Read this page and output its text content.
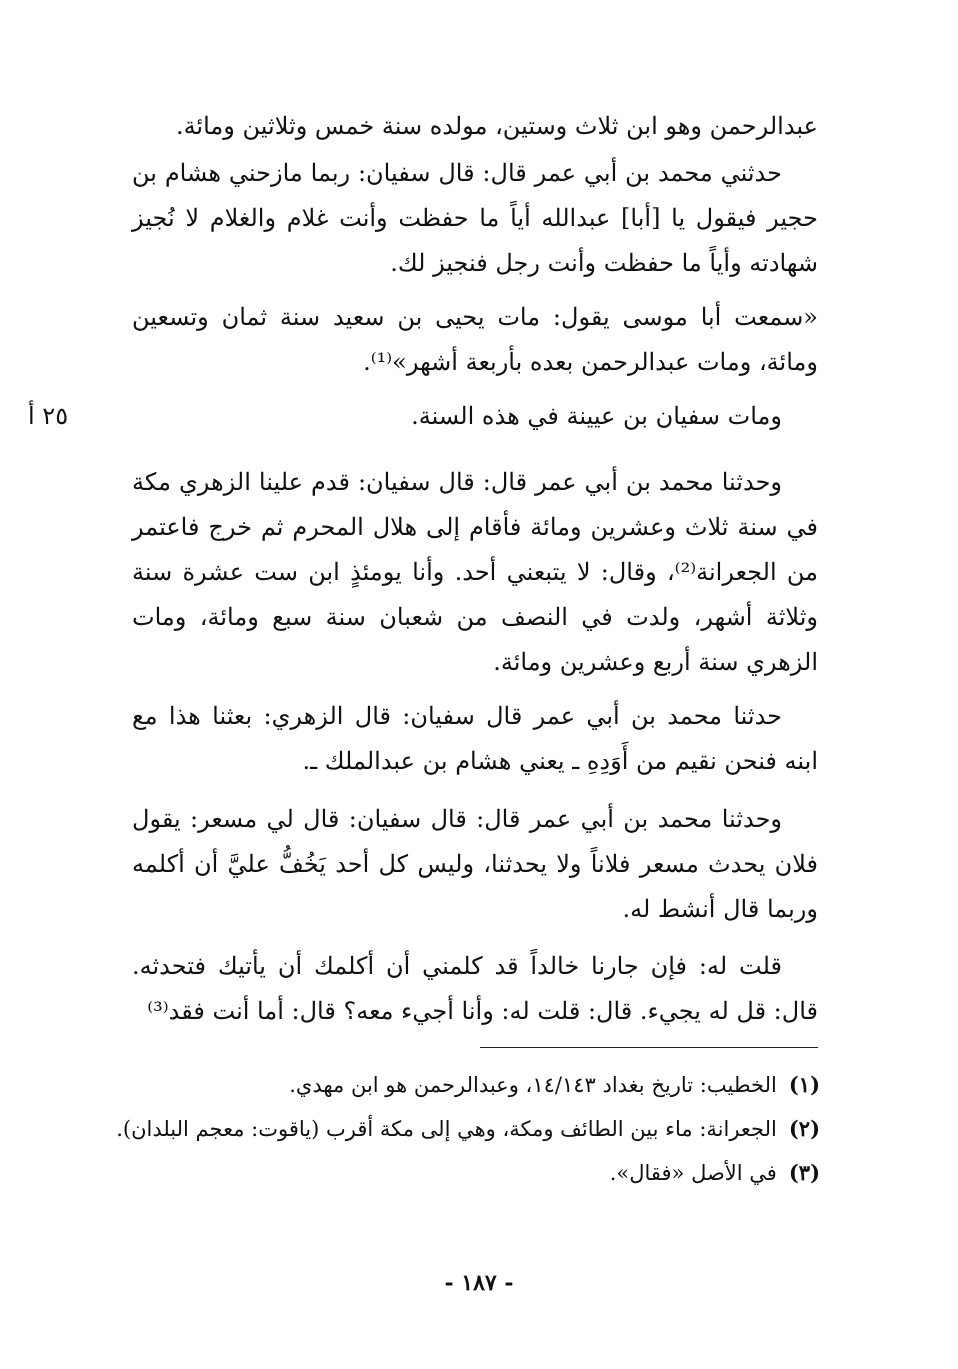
٢٥ أ

عبدالرحمن وهو ابن ثلاث وستين، مولده سنة خمس وثلاثين ومائة.

حدثني محمد بن أبي عمر قال: قال سفيان: ربما مازحني هشام بن حجير فيقول يا [أبا] عبدالله أياً ما حفظت وأنت غلام والغلام لا نُجيز شهادته وأياً ما حفظت وأنت رجل فنجيز لك.

«سمعت أبا موسى يقول: مات يحيى بن سعيد سنة ثمان وتسعين ومائة، ومات عبدالرحمن بعده بأربعة أشهر»⁽¹⁾.

ومات سفيان بن عيينة في هذه السنة.

وحدثنا محمد بن أبي عمر قال: قال سفيان: قدم علينا الزهري مكة في سنة ثلاث وعشرين ومائة فأقام إلى هلال المحرم ثم خرج فاعتمر من الجعرانة⁽²⁾، وقال: لا يتبعني أحد. وأنا يومئذٍ ابن ست عشرة سنة وثلاثة أشهر، ولدت في النصف من شعبان سنة سبع ومائة، ومات الزهري سنة أربع وعشرين ومائة.

حدثنا محمد بن أبي عمر قال سفيان: قال الزهري: بعثنا هذا مع ابنه فنحن نقيم من أَوَدِهِ ـ يعني هشام بن عبدالملك ـ.

وحدثنا محمد بن أبي عمر قال: قال سفيان: قال لي مسعر: يقول فلان يحدث مسعر فلاناً ولا يحدثنا، وليس كل أحد يَخُفُّ عليَّ أن أكلمه وربما قال أنشط له.

قلت له: فإن جارنا خالداً قد كلمني أن أكلمك أن يأتيك فتحدثه. قال: قل له يجيء. قال: قلت له: وأنا أجيء معه؟ قال: أما أنت فقد⁽³⁾

(١)الخطيب: تاريخ بغداد ١٤/١٤٣، وعبدالرحمن هو ابن مهدي.

(٢)الجعرانة: ماء بين الطائف ومكة، وهي إلى مكة أقرب (ياقوت: معجم البلدان).

(٣)في الأصل «فقال».

- ١٨٧ -
